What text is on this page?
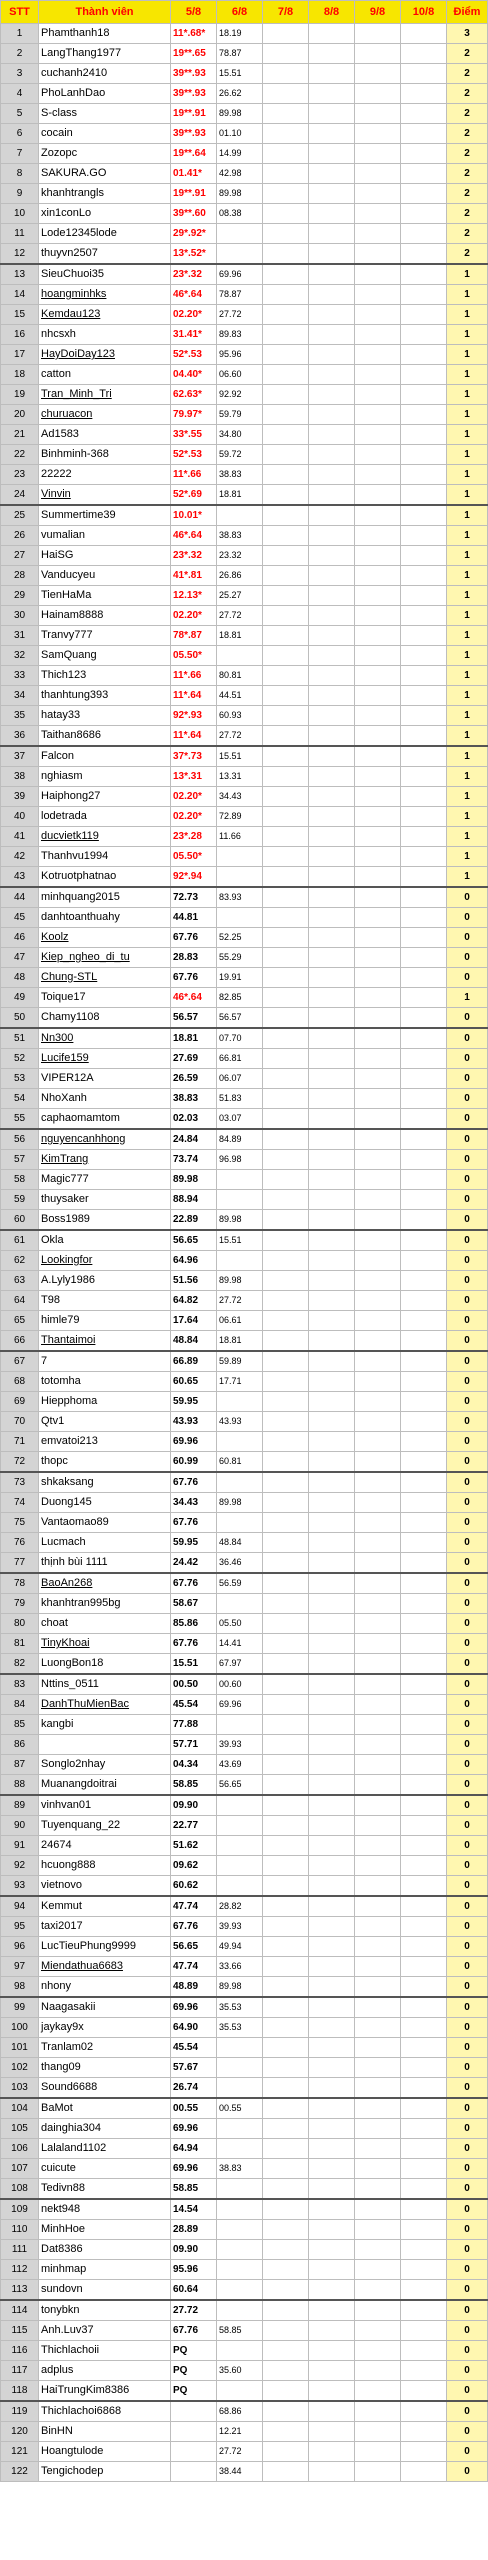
STT	Thành viên	5/8	6/8	7/8	8/8	9/8	10/8	Điểm
1	Phamthanh18	11*.68*	18.19					3
2	LangThang1977	19**.65	78.87					2
3	cuchanh2410	39**.93	15.51					2
4	PhoLanhDao	39**.93	26.62					2
5	S-class	19**.91	89.98					2
6	cocain	39**.93	01.10					2
7	Zozopc	19**.64	14.99					2
8	SAKURA.GO	01.41*	42.98					2
9	khanhtrangls	19**.91	89.98					2
10	xin1conLo	39**.60	08.38					2
11	Lode12345lode	29*.92*						2
12	thuyvn2507	13*.52*						2
13	SieuChuoi35	23*.32	69.96					1
14	hoangminhks	46*.64	78.87					1
15	Kemdau123	02.20*	27.72					1
16	nhcsxh	31.41*	89.83					1
17	HayDoiDay123	52*.53	95.96					1
18	catton	04.40*	06.60					1
19	Tran_Minh_Tri	62.63*	92.92					1
20	churuacon	79.97*	59.79					1
21	Ad1583	33*.55	34.80					1
22	Binhminh-368	52*.53	59.72					1
23	22222	11*.66	38.83					1
24	Vinvin	52*.69	18.81					1
25	Summertime39	10.01*						1
26	vumalian	46*.64	38.83					1
27	HaiSG	23*.32	23.32					1
28	Vanducyeu	41*.81	26.86					1
29	TienHaMa	12.13*	25.27					1
30	Hainam8888	02.20*	27.72					1
31	Tranvy777	78*.87	18.81					1
32	SamQuang	05.50*						1
33	Thich123	11*.66	80.81					1
34	thanhtung393	11*.64	44.51					1
35	hatay33	92*.93	60.93					1
36	Taithan8686	11*.64	27.72					1
37	Falcon	37*.73	15.51					1
38	nghiasm	13*.31	13.31					1
39	Haiphong27	02.20*	34.43					1
40	lodetrada	02.20*	72.89					1
41	ducvietk119	23*.28	11.66					1
42	Thanhvu1994	05.50*						1
43	Kotruotphatnao	92*.94						1
44	minhquang2015	72.73	83.93					0
45	danhtoanthuahy	44.81						0
46	Koolz	67.76	52.25					0
47	Kiep_ngheo_di_tu	28.83	55.29					0
48	Chung-STL	67.76	19.91					0
49	Toique17	46*.64	82.85					1
50	Chamy1108	56.57	56.57					0
51	Nn300	18.81	07.70					0
52	Lucife159	27.69	66.81					0
53	VIPER12A	26.59	06.07					0
54	NhoXanh	38.83	51.83					0
55	caphaomamtom	02.03	03.07					0
56	nguyencanhhong	24.84	84.89					0
57	KimTrang	73.74	96.98					0
58	Magic777	89.98						0
59	thuysaker	88.94						0
60	Boss1989	22.89	89.98					0
61	Okla	56.65	15.51					0
62	Lookingfor	64.96						0
63	A.Lyly1986	51.56	89.98					0
64	T98	64.82	27.72					0
65	himle79	17.64	06.61					0
66	Thantaimoi	48.84	18.81					0
67	7	66.89	59.89					0
68	totomha	60.65	17.71					0
69	Hiepphoma	59.95						0
70	Qtv1	43.93	43.93					0
71	emvatoi213	69.96						0
72	thopc	60.99	60.81					0
73	shkaksang	67.76						0
74	Duong145	34.43	89.98					0
75	Vantaomao89	67.76						0
76	Lucmach	59.95	48.84					0
77	thịnh bùi 1111	24.42	36.46					0
78	BaoAn268	67.76	56.59					0
79	khanhtran995bg	58.67						0
80	choat	85.86	05.50					0
81	TinyKhoai	67.76	14.41					0
82	LuongBon18	15.51	67.97					0
83	Nttins_0511	00.50	00.60					0
84	DanhThuMienBac	45.54	69.96					0
85	kangbi	77.88						0
86		57.71	39.93					0
87	Songlo2nhay	04.34	43.69					0
88	Muanangdoitrai	58.85	56.65					0
89	vinhvan01	09.90						0
90	Tuyenquang_22	22.77						0
91	24674	51.62						0
92	hcuong888	09.62						0
93	vietnovo	60.62						0
94	Kemmut	47.74	28.82					0
95	taxi2017	67.76	39.93					0
96	LucTieuPhung9999	56.65	49.94					0
97	Miendathua6683	47.74	33.66					0
98	nhony	48.89	89.98					0
99	Naagasakii	69.96	35.53					0
100	jaykay9x	64.90	35.53					0
101	Tranlam02	45.54						0
102	thang09	57.67						0
103	Sound6688	26.74						0
104	BaMot	00.55	00.55					0
105	dainghia304	69.96						0
106	Lalaland1102	64.94						0
107	cuicute	69.96	38.83					0
108	Tedivn88	58.85						0
109	nekt948	14.54						0
110	MinhHoe	28.89						0
111	Dat8386	09.90						0
112	minhmap	95.96						0
113	sundovn	60.64						0
114	tonybkn	27.72						0
115	Anh.Luv37	67.76	58.85					0
116	Thichlachoii	PQ						0
117	adplus	PQ	35.60					0
118	HaiTrungKim8386	PQ						0
119	Thichlachoi6868		68.86					0
120	BinHN		12.21					0
121	Hoangtulode		27.72					0
122	Tengichodep		38.44					0
